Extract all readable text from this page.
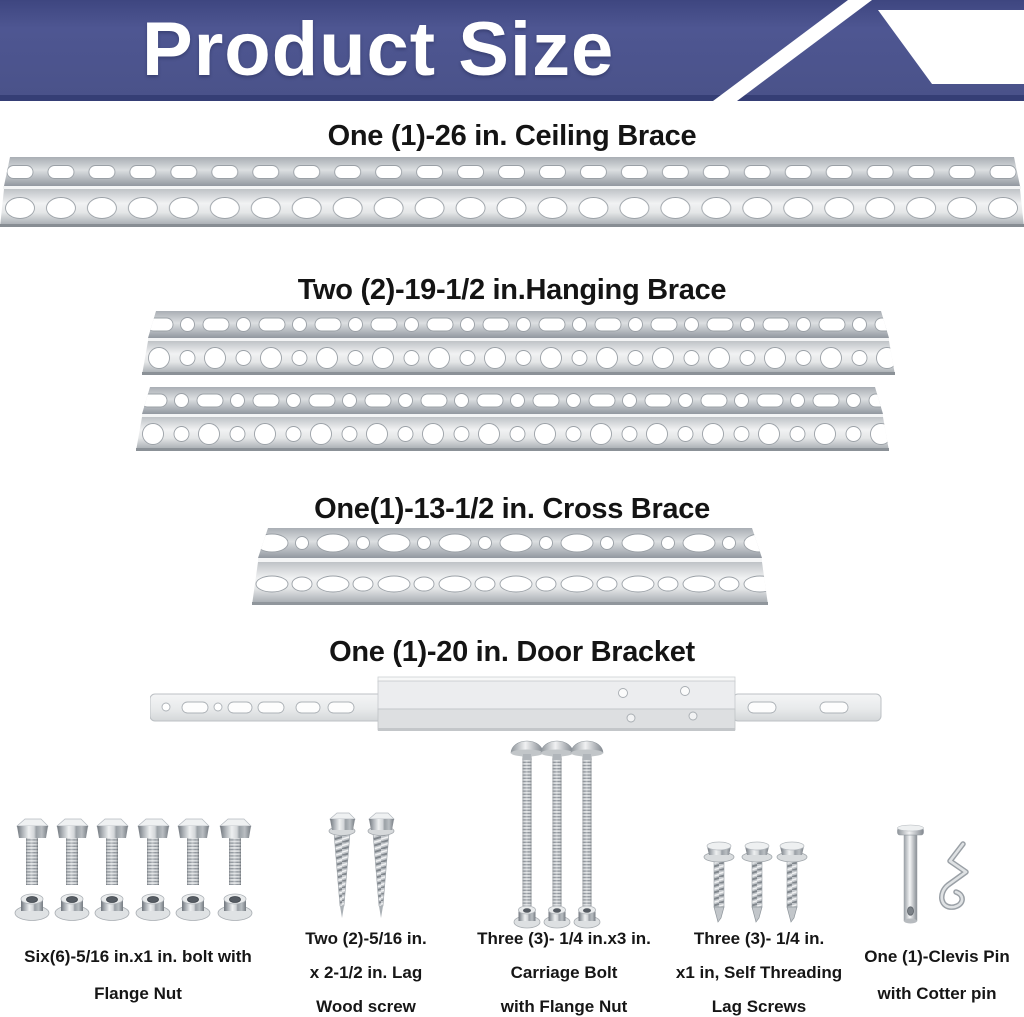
Product Size
One (1)-26 in. Ceiling Brace
Two (2)-19-1/2 in.Hanging Brace
One(1)-13-1/2 in. Cross Brace
One (1)-20 in. Door Bracket
Six(6)-5/16 in.x1 in. bolt with
Flange Nut
Two (2)-5/16 in.
x 2-1/2 in. Lag
Wood screw
Three (3)- 1/4 in.x3 in.
Carriage Bolt
with Flange Nut
Three (3)- 1/4 in.
x1 in, Self Threading
Lag Screws
One (1)-Clevis Pin
with Cotter pin
